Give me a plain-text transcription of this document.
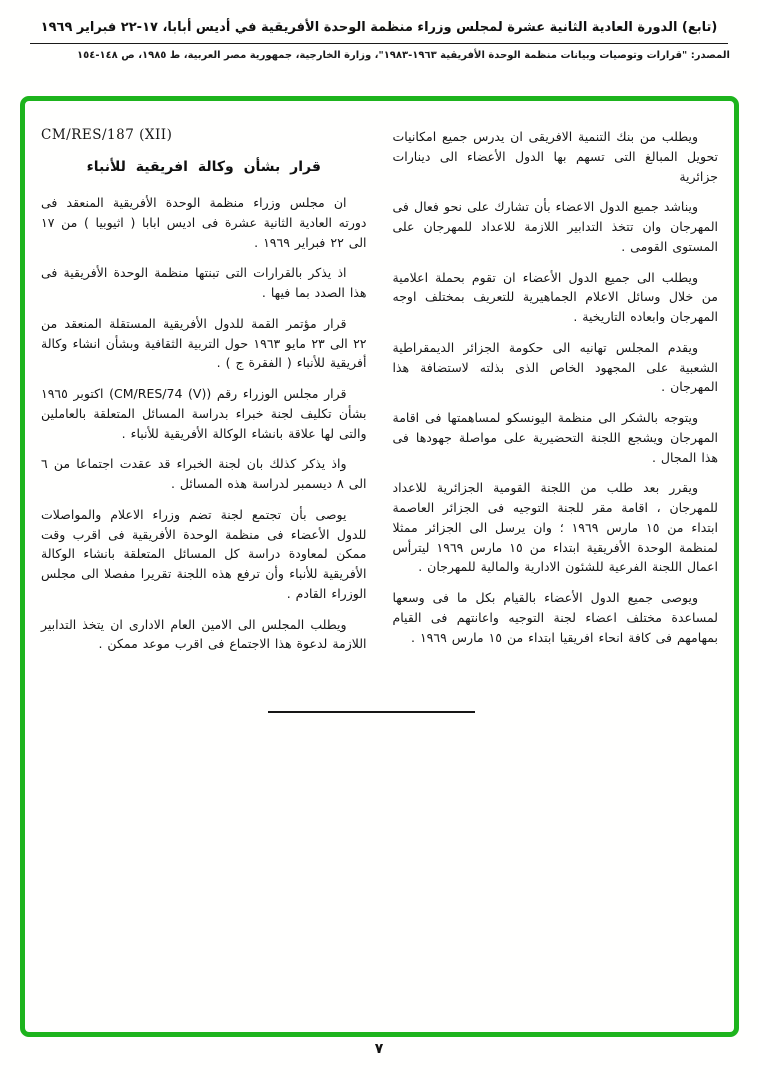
(تابع) الدورة العادية الثانية عشرة لمجلس وزراء منظمة الوحدة الأفريقية في أديس أبابا، ١٧-٢٢ فبراير ١٩٦٩
المصدر: "قرارات وتوصيات وبيانات منظمة الوحدة الأفريقية ١٩٦٣-١٩٨٣"، وزارة الخارجية، جمهورية مصر العربية، ط ١٩٨٥، ص ١٤٨-١٥٤

ويطلب من بنك التنمية الافريقى ان يدرس جميع امكانيات تحويل المبالغ التى تسهم بها الدول الأعضاء الى دينارات جزائرية

ويناشد جميع الدول الاعضاء بأن تشارك على نحو فعال فى المهرجان وان تتخذ التدابير اللازمة للاعداد للمهرجان على المستوى القومى .

ويطلب الى جميع الدول الأعضاء ان تقوم بحملة اعلامية من خلال وسائل الاعلام الجماهيرية للتعريف بمختلف اوجه المهرجان وابعاده التاريخية .

ويقدم المجلس تهانيه الى حكومة الجزائر الديمقراطية الشعبية على المجهود الخاص الذى بذلته لاستضافة هذا المهرجان .

ويتوجه بالشكر الى منظمة اليونسكو لمساهمتها فى اقامة المهرجان ويشجع اللجنة التحضيرية على مواصلة جهودها فى هذا المجال .

ويقرر بعد طلب من اللجنة القومية الجزائرية للاعداد للمهرجان ، اقامة مقر للجنة التوجيه فى الجزائر العاصمة ابتداء من ١٥ مارس ١٩٦٩ ؛ وان يرسل الى الجزائر ممثلا لمنظمة الوحدة الأفريقية ابتداء من ١٥ مارس ١٩٦٩ ليترأس اعمال اللجنة الفرعية للشئون الادارية والمالية للمهرجان .

ويوصى جميع الدول الأعضاء بالقيام بكل ما فى وسعها لمساعدة مختلف اعضاء لجنة التوجيه واعانتهم فى القيام بمهامهم فى كافة انحاء افريقيا ابتداء من ١٥ مارس ١٩٦٩ .

CM/RES/187 (XII)
قرار بشأن وكالة افريقية للأنباء

ان مجلس وزراء منظمة الوحدة الأفريقية المنعقد فى دورته العادية الثانية عشرة فى اديس ابابا ( اثيوبيا ) من ١٧ الى ٢٢ فبراير ١٩٦٩ .

اذ يذكر بالقرارات التى تبنتها منظمة الوحدة الأفريقية فى هذا الصدد بما فيها .

قرار مؤتمر القمة للدول الأفريقية المستقلة المنعقد من ٢٢ الى ٢٣ مايو ١٩٦٣ حول التربية الثقافية وبشأن انشاء وكالة أفريقية للأنباء ( الفقرة ج ) .

قرار مجلس الوزراء رقم (CM/RES/74 (V)) اكتوبر ١٩٦٥ بشأن تكليف لجنة خبراء بدراسة المسائل المتعلقة بالعاملين والتى لها علاقة بانشاء الوكالة الأفريقية للأنباء .

واذ يذكر كذلك بان لجنة الخبراء قد عقدت اجتماعا من ٦ الى ٨ ديسمبر لدراسة هذه المسائل .

يوصى بأن تجتمع لجنة تضم وزراء الاعلام والمواصلات للدول الأعضاء فى منظمة الوحدة الأفريقية فى اقرب وقت ممكن لمعاودة دراسة كل المسائل المتعلقة بانشاء الوكالة الأفريقية للأنباء وأن ترفع هذه اللجنة تقريرا مفصلا الى مجلس الوزراء القادم .

ويطلب المجلس الى الامين العام الادارى ان يتخذ التدابير اللازمة لدعوة هذا الاجتماع فى اقرب موعد ممكن .

٧
